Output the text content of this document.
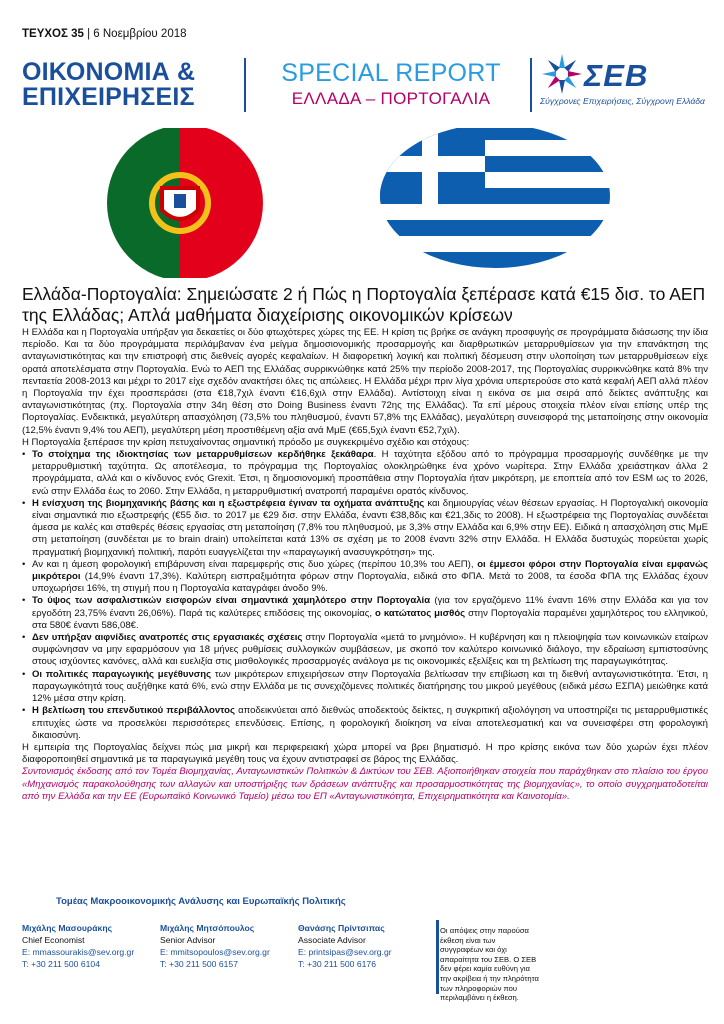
ΤΕΥΧΟΣ 35 | 6 Νοεμβρίου 2018
ΟΙΚΟΝΟΜΙΑ &
ΕΠΙΧΕΙΡΗΣΕΙΣ
SPECIAL REPORT
ΕΛΛΑΔΑ – ΠΟΡΤΟΓΑΛΙΑ
ΣΕΒ
Σύγχρονες Επιχειρήσεις, Σύγχρονη Ελλάδα
Ελλάδα-Πορτογαλία: Σημειώσατε 2 ή Πώς η Πορτογαλία ξεπέρασε κατά €15 δισ. το ΑΕΠ της Ελλάδας; Απλά μαθήματα διαχείρισης οικονομικών κρίσεων

Η Ελλάδα και η Πορτογαλία υπήρξαν για δεκαετίες οι δύο φτωχότερες χώρες της ΕΕ. Η κρίση τις βρήκε σε ανάγκη προσφυγής σε προγράμματα διάσωσης την ίδια περίοδο. Και τα δύο προγράμματα περιλάμβαναν ένα μείγμα δημοσιονομικής προσαρμογής και διαρθρωτικών μεταρρυθμίσεων για την επανάκτηση της ανταγωνιστικότητας και την επιστροφή στις διεθνείς αγορές κεφαλαίων. Η διαφορετική λογική και πολιτική δέσμευση στην υλοποίηση των μεταρρυθμίσεων είχε ορατά αποτελέσματα στην Πορτογαλία. Ενώ το ΑΕΠ της Ελλάδας συρρικνώθηκε κατά 25% την περίοδο 2008-2017, της Πορτογαλίας συρρικνώθηκε κατά 8% την πενταετία 2008-2013 και μέχρι το 2017 είχε σχεδόν ανακτήσει όλες τις απώλειες. Η Ελλάδα μέχρι πριν λίγα χρόνια υπερτερούσε στο κατά κεφαλή ΑΕΠ αλλά πλέον η Πορτογαλία την έχει προσπεράσει (στα €18,7χιλ έναντι €16,6χιλ στην Ελλάδα). Αντίστοιχη είναι η εικόνα σε μια σειρά από δείκτες ανάπτυξης και ανταγωνιστικότητας (πχ. Πορτογαλία στην 34η θέση στο Doing Business έναντι 72ης της Ελλάδας). Τα επί μέρους στοιχεία πλέον είναι επίσης υπέρ της Πορτογαλίας. Ενδεικτικά, μεγαλύτερη απασχόληση (73,5% του πληθυσμού, έναντι 57,8% της Ελλάδας), μεγαλύτερη συνεισφορά της μεταποίησης στην οικονομία (12,5% έναντι 9,4% του ΑΕΠ), μεγαλύτερη μέση προστιθέμενη αξία ανά ΜμΕ (€65,5χιλ έναντι €52,7χιλ).

Η Πορτογαλία ξεπέρασε την κρίση πετυχαίνοντας σημαντική πρόοδο με συγκεκριμένο σχέδιο και στόχους:

• Το στοίχημα της ιδιοκτησίας των μεταρρυθμίσεων κερδήθηκε ξεκάθαρα. Η ταχύτητα εξόδου από το πρόγραμμα προσαρμογής συνδέθηκε με την μεταρρυθμιστική ταχύτητα. Ως αποτέλεσμα, το πρόγραμμα της Πορτογαλίας ολοκληρώθηκε ένα χρόνο νωρίτερα. Στην Ελλάδα χρειάστηκαν άλλα 2 προγράμματα, αλλά και ο κίνδυνος ενός Grexit. Έτσι, η δημοσιονομική προσπάθεια στην Πορτογαλία ήταν μικρότερη, με εποπτεία από τον ESM ως το 2026, ενώ στην Ελλάδα έως το 2060. Στην Ελλάδα, η μεταρρυθμιστική ανατροπή παραμένει ορατός κίνδυνος.
• Η ενίσχυση της βιομηχανικής βάσης και η εξωστρέφεια έγιναν τα οχήματα ανάπτυξης και δημιουργίας νέων θέσεων εργασίας. Η Πορτογαλική οικονομία είναι σημαντικά πιο εξωστρεφής (€55 δισ. το 2017 με €29 δισ. στην Ελλάδα, έναντι €38,8δις και €21,3δις το 2008). Η εξωστρέφεια της Πορτογαλίας συνδέεται άμεσα με καλές και σταθερές θέσεις εργασίας στη μεταποίηση (7,8% του πληθυσμού, με 3,3% στην Ελλάδα και 6,9% στην ΕΕ). Ειδικά η απασχόληση στις ΜμΕ στη μεταποίηση (συνδέεται με το brain drain) υπολείπεται κατά 13% σε σχέση με το 2008 έναντι 32% στην Ελλάδα. Η Ελλάδα δυστυχώς πορεύεται χωρίς πραγματική βιομηχανική πολιτική, παρότι ευαγγελίζεται την «παραγωγική ανασυγκρότηση» της.
• Αν και η άμεση φορολογική επιβάρυνση είναι παρεμφερής στις δυο χώρες (περίπου 10,3% του ΑΕΠ), οι έμμεσοι φόροι στην Πορτογαλία είναι εμφανώς μικρότεροι (14,9% έναντι 17,3%). Καλύτερη εισπραξιμότητα φόρων στην Πορτογαλία, ειδικά στο ΦΠΑ. Μετά το 2008, τα έσοδα ΦΠΑ της Ελλάδας έχουν υποχωρήσει 16%, τη στιγμή που η Πορτογαλία καταγράφει άνοδο 9%.
• Το ύψος των ασφαλιστικών εισφορών είναι σημαντικά χαμηλότερο στην Πορτογαλία (για τον εργαζόμενο 11% έναντι 16% στην Ελλάδα και για τον εργοδότη 23,75% έναντι 26,06%). Παρά τις καλύτερες επιδόσεις της οικονομίας, ο κατώτατος μισθός στην Πορτογαλία παραμένει χαμηλότερος του ελληνικού, στα 580€ έναντι 586,08€.
• Δεν υπήρξαν αιφνίδιες ανατροπές στις εργασιακές σχέσεις στην Πορτογαλία «μετά το μνημόνιο». Η κυβέρνηση και η πλειοψηφία των κοινωνικών εταίρων συμφώνησαν να μην εφαρμόσουν για 18 μήνες ρυθμίσεις συλλογικών συμβάσεων, με σκοπό τον καλύτερο κοινωνικό διάλογο, την εδραίωση εμπιστοσύνης στους ισχύοντες κανόνες, αλλά και ευελιξία στις μισθολογικές προσαρμογές ανάλογα με τις οικονομικές εξελίξεις και τη βελτίωση της παραγωγικότητας.
• Οι πολιτικές παραγωγικής μεγέθυνσης των μικρότερων επιχειρήσεων στην Πορτογαλία βελτίωσαν την επιβίωση και τη διεθνή ανταγωνιστικότητα. Έτσι, η παραγωγικότητά τους αυξήθηκε κατά 6%, ενώ στην Ελλάδα με τις συνεχιζόμενες πολιτικές διατήρησης του μικρού μεγέθους (ειδικά μέσω ΕΣΠΑ) μειώθηκε κατά 12% μέσα στην κρίση.
• Η βελτίωση του επενδυτικού περιβάλλοντος αποδεικνύεται από διεθνώς αποδεκτούς δείκτες, η συγκριτική αξιολόγηση να υποστηρίζει τις μεταρρυθμιστικές επιτυχίες ώστε να προσελκύει περισσότερες επενδύσεις. Επίσης, η φορολογική διοίκηση να είναι αποτελεσματική και να συνεισφέρει στη φορολογική δικαιοσύνη.

Η εμπειρία της Πορτογαλίας δείχνει πώς μια μικρή και περιφερειακή χώρα μπορεί να βρει βηματισμό. Η προ κρίσης εικόνα των δύο χωρών έχει πλέον διαφοροποιηθεί σημαντικά με τα παραγωγικά μεγέθη τους να έχουν αντιστραφεί σε βάρος της Ελλάδας.

Συντονισμός έκδοσης από τον Τομέα Βιομηχανίας, Ανταγωνιστικών Πολιτικών & Δικτύων του ΣΕΒ. Αξιοποιήθηκαν στοιχεία που παράχθηκαν στο πλαίσιο του έργου «Μηχανισμός παρακολούθησης των αλλαγών και υποστήριξης των δράσεων ανάπτυξης και προσαρμοστικότητας της βιομηχανίας», το οποίο συγχρηματοδοτείται από την Ελλάδα και την ΕΕ (Ευρωπαϊκό Κοινωνικό Ταμείο) μέσω του ΕΠ «Ανταγωνιστικότητα, Επιχειρηματικότητα και Καινοτομία».

Τομέας Μακροοικονομικής Ανάλυσης και Ευρωπαϊκής Πολιτικής
Μιχάλης Μασουράκης
Chief Economist
E: mmassourakis@sev.org.gr
T: +30 211 500 6104
Μιχάλης Μητσόπουλος
Senior Advisor
E: mmitsopoulos@sev.org.gr
T: +30 211 500 6157
Θανάσης Πρίντσιπας
Associate Advisor
E: printsipas@sev.org.gr
T: +30 211 500 6176
Οι απόψεις στην παρούσα έκθεση είναι των συγγραφέων και όχι απαραίτητα του ΣΕΒ. Ο ΣΕΒ δεν φέρει καμία ευθύνη για την ακρίβεια ή την πληρότητα των πληροφοριών που περιλαμβάνει η έκθεση.
